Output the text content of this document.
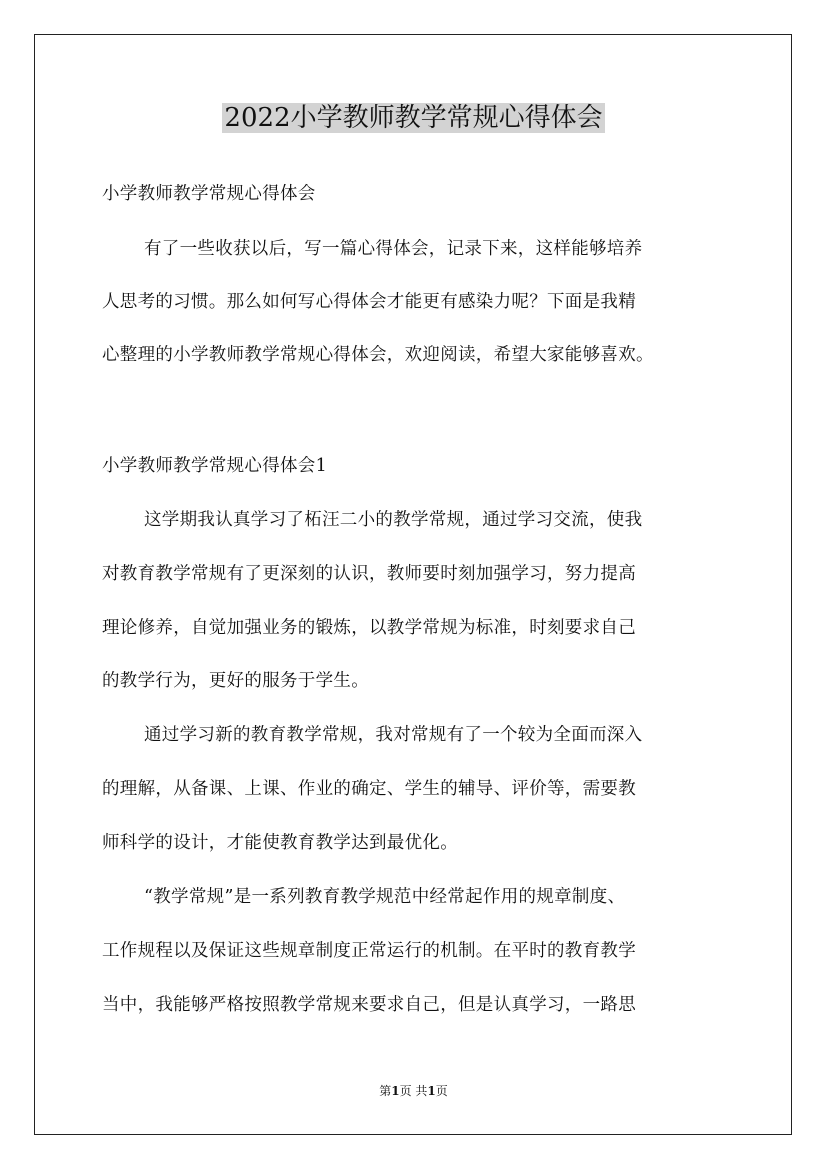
2022小学教师教学常规心得体会
小学教师教学常规心得体会
有了一些收获以后，写一篇心得体会，记录下来，这样能够培养
人思考的习惯。那么如何写心得体会才能更有感染力呢？下面是我精
心整理的小学教师教学常规心得体会，欢迎阅读，希望大家能够喜欢。
小学教师教学常规心得体会1
这学期我认真学习了柘汪二小的教学常规，通过学习交流，使我
对教育教学常规有了更深刻的认识，教师要时刻加强学习，努力提高
理论修养，自觉加强业务的锻炼，以教学常规为标准，时刻要求自己
的教学行为，更好的服务于学生。
通过学习新的教育教学常规，我对常规有了一个较为全面而深入
的理解，从备课、上课、作业的确定、学生的辅导、评价等，需要教
师科学的设计，才能使教育教学达到最优化。
“教学常规”是一系列教育教学规范中经常起作用的规章制度、
工作规程以及保证这些规章制度正常运行的机制。在平时的教育教学
当中，我能够严格按照教学常规来要求自己，但是认真学习，一路思
第1页 共1页
